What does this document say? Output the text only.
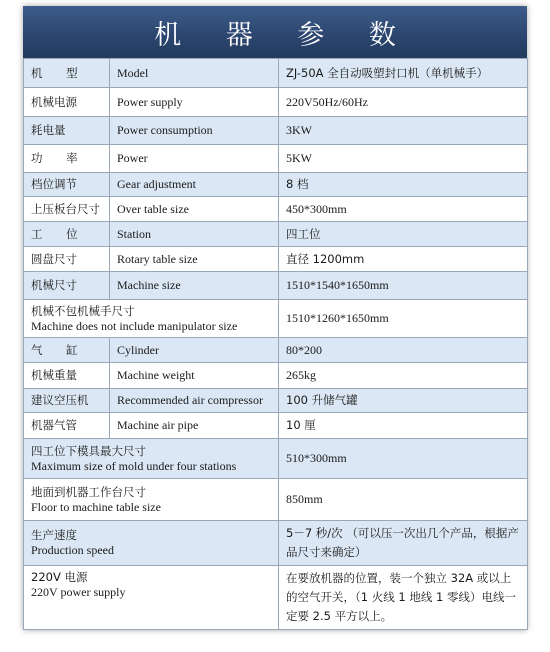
机 器 参 数
机 型	Model	ZJ-50A 全自动吸塑封口机（单机械手）
机械电源	Power supply	220V50Hz/60Hz
耗电量	Power consumption	3KW
功 率	Power	5KW
档位调节	Gear adjustment	8 档
上压板台尺寸	Over table size	450*300mm
工 位	Station	四工位
圆盘尺寸	Rotary table size	直径 1200mm
机械尺寸	Machine size	1510*1540*1650mm

机械不包机械手尺寸
Machine does not include manipulator size		1510*1260*1650mm
气 缸	Cylinder	80*200
机械重量	Machine weight	265kg
建议空压机	Recommended air compressor	100 升储气罐
机器气管	Machine air pipe	10 厘

四工位下模具最大尺寸
Maximum size of mold under four stations		510*300mm

地面到机器工作台尺寸
Floor to machine table size		850mm

生产速度
Production speed		5－7 秒/次 （可以压一次出几个产品，根据产品尺寸来确定）

220V 电源
220V power supply		在要放机器的位置，装一个独立 32A 或以上的空气开关，（1 火线 1 地线 1 零线）电线一定要 2.5 平方以上。
